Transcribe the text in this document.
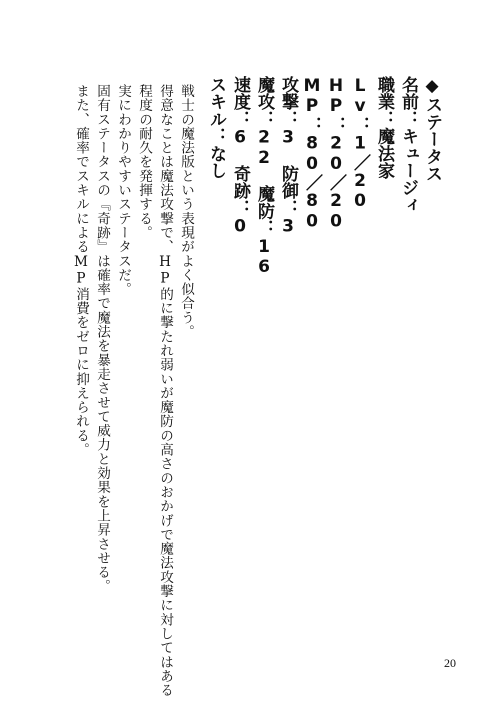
◆ステータス
名前：キュージィ
職業：魔法家
Lv：1／20
HP：20／20
MP：80／80
攻撃：3　防御：3
魔攻：22　魔防：16
速度：6　奇跡：0
スキル：なし
戦士の魔法版という表現がよく似合う。
得意なことは魔法攻撃で、HP的に撃たれ弱いが魔防の高さのおかげで魔法攻撃に対してはある
程度の耐久を発揮する。
実にわかりやすいステータスだ。
固有ステータスの『奇跡』は確率で魔法を暴走させて威力と効果を上昇させる。
また、確率でスキルによるMP消費をゼロに抑えられる。
20
